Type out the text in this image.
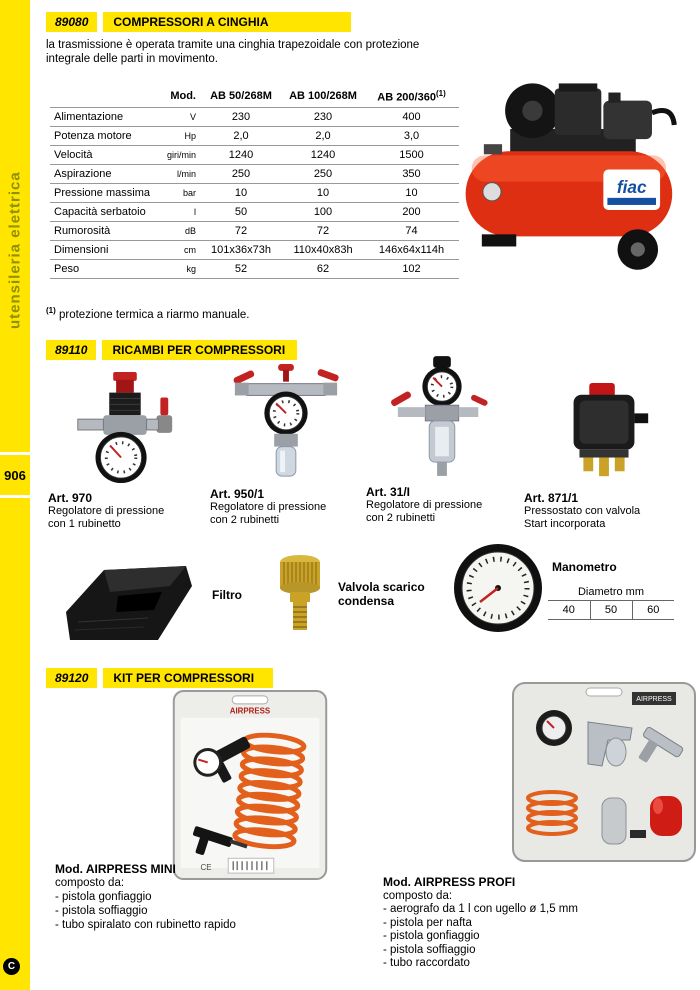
utensileria elettrica
906
C
89080	COMPRESSORI A CINGHIA
la trasmissione è operata tramite una cinghia trapezoidale con protezione integrale delle parti in movimento.
Mod.	AB 50/268M	AB 100/268M	AB 200/360$^{(1)}$

Alimentazione V	230	230	400

Potenza motore Hp	2,0	2,0	3,0

Velocità giri/min	1240	1240	1500

Aspirazione l/min	250	250	350

Pressione massima bar	10	10	10

Capacità serbatoio l	50	100	200

Rumorosità dB	72	72	74

Dimensioni cm	101x36x73h	110x40x83h	146x64x114h

Peso kg	52	62	102
$^{(1)}$ protezione termica a riarmo manuale.
fiac
89110	RICAMBI PER COMPRESSORI
Art. 970
Regolatore di pressione con 1 rubinetto
Art. 950/1
Regolatore di pressione con 2 rubinetti
Art. 31/I
Regolatore di pressione con 2 rubinetti
Art. 871/1
Pressostato con valvola Start incorporata
Filtro
Valvola scarico condensa
Manometro
Diametro mm
40	50	60
89120	KIT PER COMPRESSORI
AIRPRESS
CE
AIRPRESS
Mod. AIRPRESS MINI
composto da:
- pistola gonfiaggio
- pistola soffiaggio
- tubo spiralato con rubinetto rapido
Mod. AIRPRESS PROFI
composto da:
- aerografo da 1 l con ugello ø 1,5 mm
- pistola per nafta
- pistola gonfiaggio
- pistola soffiaggio
- tubo raccordato
